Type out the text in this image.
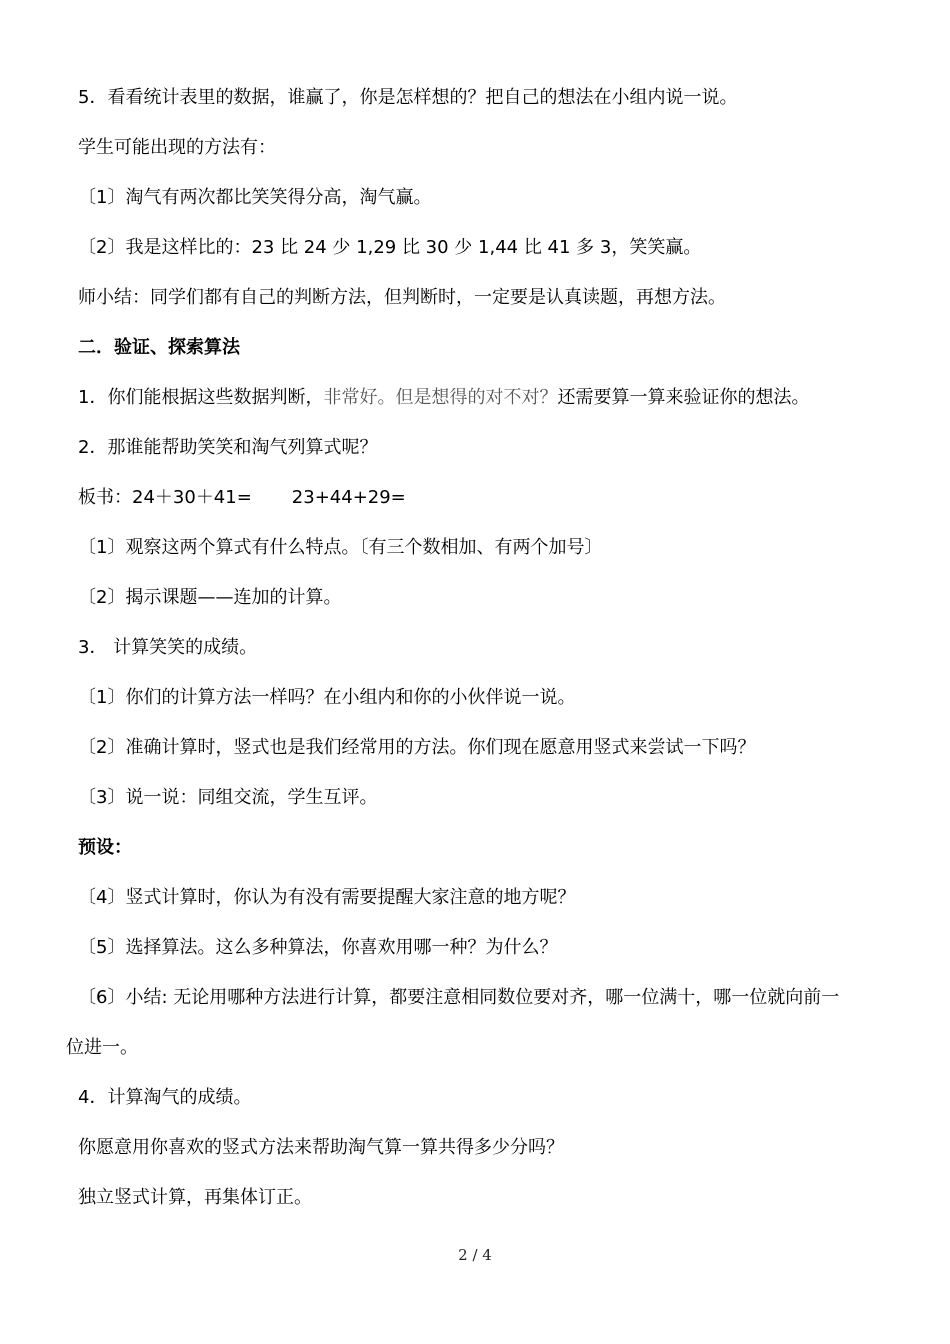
5．看看统计表里的数据，谁赢了，你是怎样想的？把自己的想法在小组内说一说。
学生可能出现的方法有：
〔1〕淘气有两次都比笑笑得分高，淘气赢。
〔2〕我是这样比的：23 比 24 少 1,29 比 30 少 1,44 比 41 多 3，笑笑赢。
师小结：同学们都有自己的判断方法，但判断时，一定要是认真读题，再想方法。
二．验证、探索算法
1．你们能根据这些数据判断，非常好。但是想得的对不对？还需要算一算来验证你的想法。
2．那谁能帮助笑笑和淘气列算式呢？
板书：24＋30＋41= 23+44+29=
〔1〕观察这两个算式有什么特点。〔有三个数相加、有两个加号〕
〔2〕揭示课题——连加的计算。
3． 计算笑笑的成绩。
〔1〕你们的计算方法一样吗？在小组内和你的小伙伴说一说。
〔2〕准确计算时，竖式也是我们经常用的方法。你们现在愿意用竖式来尝试一下吗？
〔3〕说一说：同组交流，学生互评。
预设：
〔4〕竖式计算时，你认为有没有需要提醒大家注意的地方呢？
〔5〕选择算法。这么多种算法，你喜欢用哪一种？为什么？
〔6〕小结: 无论用哪种方法进行计算，都要注意相同数位要对齐，哪一位满十，哪一位就向前一
位进一。
4．计算淘气的成绩。
你愿意用你喜欢的竖式方法来帮助淘气算一算共得多少分吗？
独立竖式计算，再集体订正。
2 / 4
